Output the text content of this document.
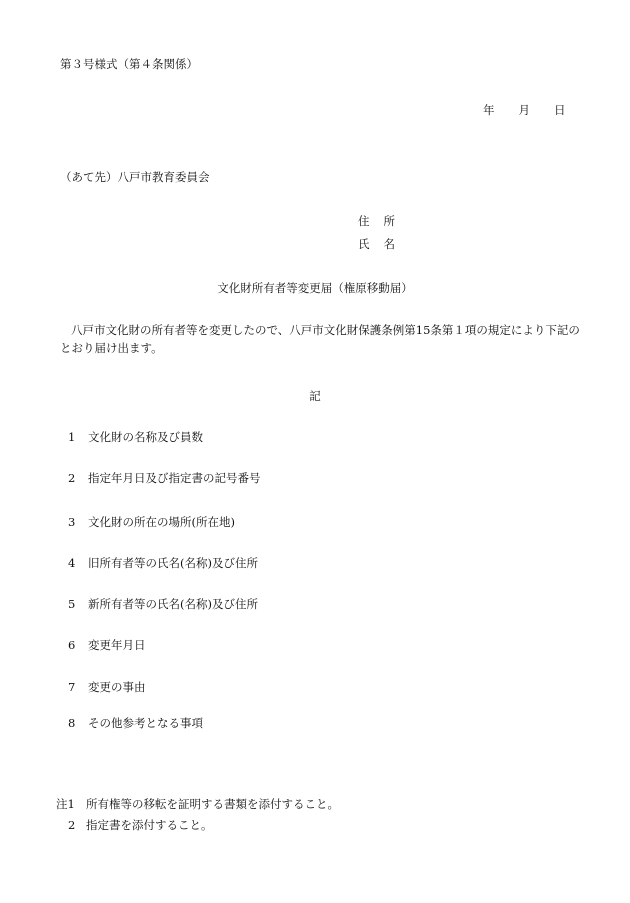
第３号様式（第４条関係）
年 月 日
（あて先）八戸市教育委員会
住 所
氏 名
文化財所有者等変更届（権原移動届）
八戸市文化財の所有者等を変更したので、八戸市文化財保護条例第15条第１項の規定により下記のとおり届け出ます。
記
1 文化財の名称及び員数
2 指定年月日及び指定書の記号番号
3 文化財の所在の場所(所在地)
4 旧所有者等の氏名(名称)及び住所
5 新所有者等の氏名(名称)及び住所
6 変更年月日
7 変更の事由
8 その他参考となる事項
注1 所有権等の移転を証明する書類を添付すること。
2 指定書を添付すること。
